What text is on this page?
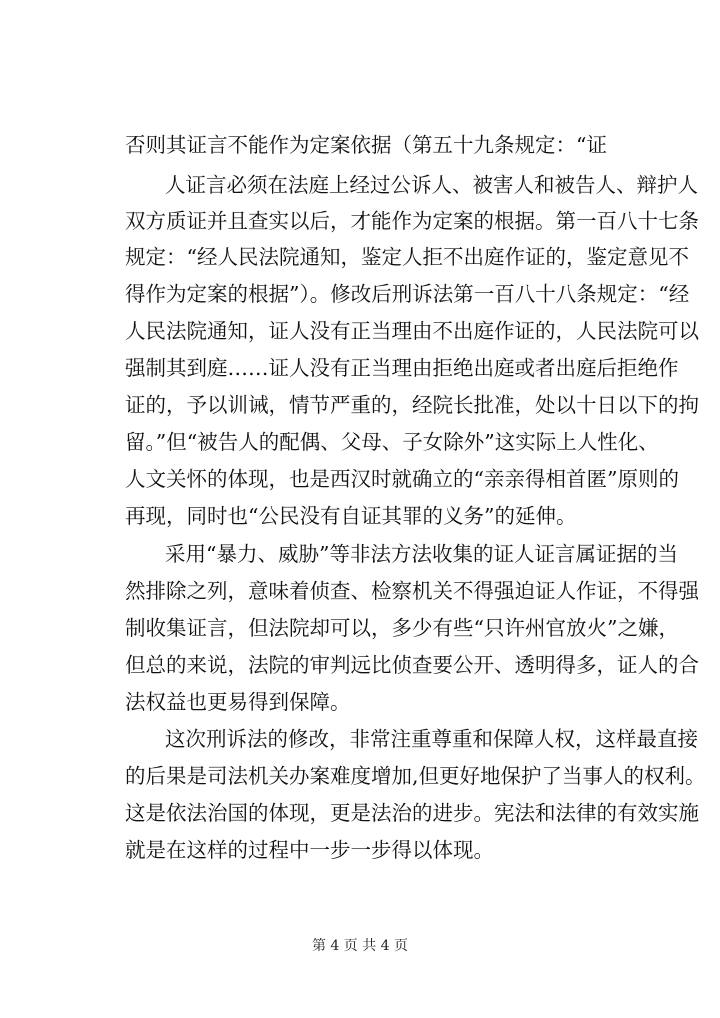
否则其证言不能作为定案依据（第五十九条规定：“证
人证言必须在法庭上经过公诉人、被害人和被告人、辩护人
双方质证并且查实以后，才能作为定案的根据。第一百八十七条
规定：“经人民法院通知，鉴定人拒不出庭作证的，鉴定意见不
得作为定案的根据”）。修改后刑诉法第一百八十八条规定：“经
人民法院通知，证人没有正当理由不出庭作证的，人民法院可以
强制其到庭……证人没有正当理由拒绝出庭或者出庭后拒绝作
证的，予以训诫，情节严重的，经院长批准，处以十日以下的拘
留。”但“被告人的配偶、父母、子女除外”这实际上人性化、
人文关怀的体现，也是西汉时就确立的“亲亲得相首匿”原则的
再现，同时也“公民没有自证其罪的义务”的延伸。
采用“暴力、威胁”等非法方法收集的证人证言属证据的当
然排除之列，意味着侦查、检察机关不得强迫证人作证，不得强
制收集证言，但法院却可以，多少有些“只许州官放火”之嫌，
但总的来说，法院的审判远比侦查要公开、透明得多，证人的合
法权益也更易得到保障。
这次刑诉法的修改，非常注重尊重和保障人权，这样最直接
的后果是司法机关办案难度增加,但更好地保护了当事人的权利。
这是依法治国的体现，更是法治的进步。宪法和法律的有效实施
就是在这样的过程中一步一步得以体现。
第 4 页 共 4 页
